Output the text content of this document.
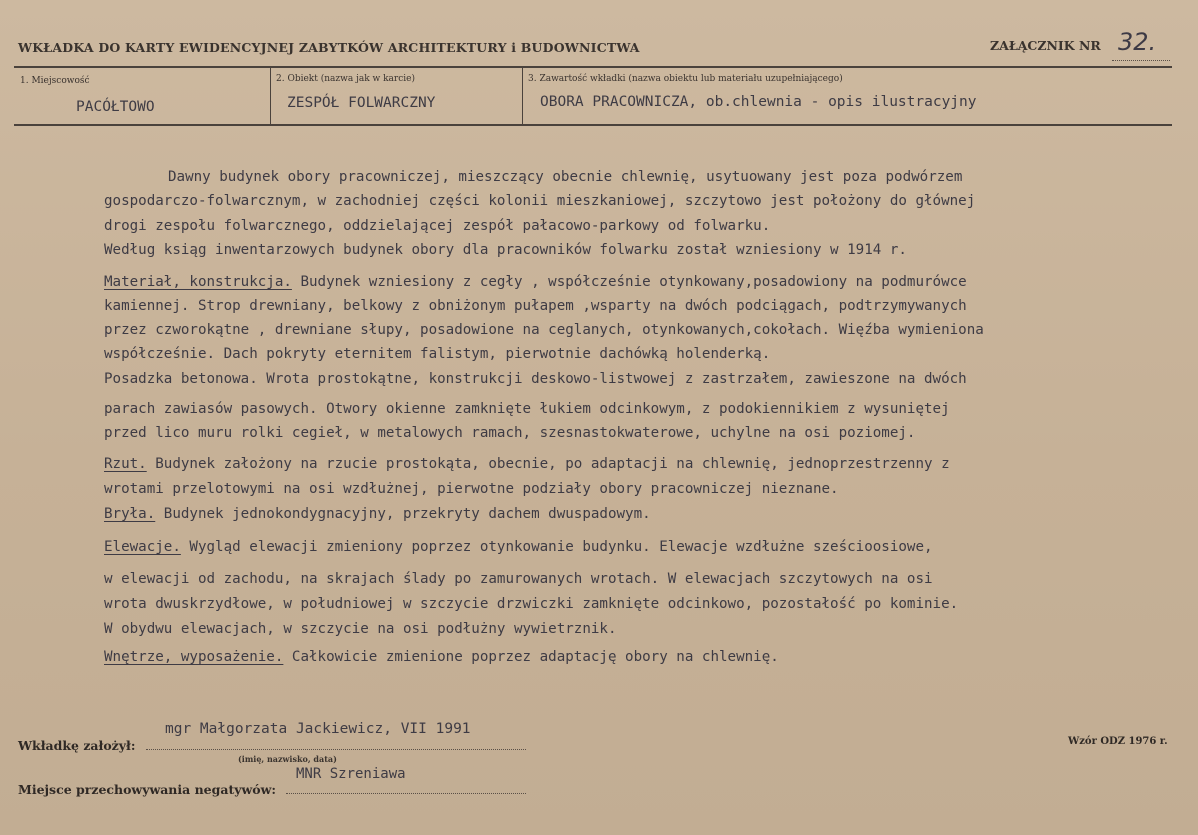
WKŁADKA DO KARTY EWIDENCYJNEJ ZABYTKÓW ARCHITEKTURY i BUDOWNICTWA	ZAŁĄCZNIK NR 32.
1. Miejscowość	2. Obiekt (nazwa jak w karcie)	3. Zawartość wkładki (nazwa obiektu lub materiału uzupełniającego)
PACÓŁTOWO	ZESPÓŁ FOLWARCZNY	OBORA PRACOWNICZA, ob.chlewnia - opis ilustracyjny
Dawny budynek obory pracowniczej, mieszczący obecnie chlewnię, usytuowany jest poza podwórzem
gospodarczo-folwarcznym, w zachodniej części kolonii mieszkaniowej, szczytowo jest położony do głównej
drogi zespołu folwarcznego, oddzielającej zespół pałacowo-parkowy od folwarku.
Według ksiąg inwentarzowych budynek obory dla pracowników folwarku został wzniesiony w 1914 r.
Materiał, konstrukcja. Budynek wzniesiony z cegły , współcześnie otynkowany,posadowiony na podmurówce
kamiennej. Strop drewniany, belkowy z obniżonym pułapem ,wsparty na dwóch podciągach, podtrzymywanych
przez czworokątne , drewniane słupy, posadowione na ceglanych, otynkowanych,cokołach. Więźba wymieniona
współcześnie. Dach pokryty eternitem falistym, pierwotnie dachówką holenderką.
Posadzka betonowa. Wrota prostokątne, konstrukcji deskowo-listwowej z zastrzałem, zawieszone na dwóch
parach zawiasów pasowych. Otwory okienne zamknięte łukiem odcinkowym, z podokiennikiem z wysuniętej
przed lico muru rolki cegieł, w metalowych ramach, szesnastokwaterowe, uchylne na osi poziomej.
Rzut. Budynek założony na rzucie prostokąta, obecnie, po adaptacji na chlewnię, jednoprzestrzenny z
wrotami przelotowymi na osi wzdłużnej, pierwotne podziały obory pracowniczej nieznane.
Bryła. Budynek jednokondygnacyjny, przekryty dachem dwuspadowym.
Elewacje. Wygląd elewacji zmieniony poprzez otynkowanie budynku. Elewacje wzdłużne sześcioosiowe,
w elewacji od zachodu, na skrajach ślady po zamurowanych wrotach. W elewacjach szczytowych na osi
wrota dwuskrzydłowe, w południowej w szczycie drzwiczki zamknięte odcinkowo, pozostałość po kominie.
W obydwu elewacjach, w szczycie na osi podłużny wywietrznik.
Wnętrze, wyposażenie. Całkowicie zmienione poprzez adaptację obory na chlewnię.
mgr Małgorzata Jackiewicz, VII 1991
Wkładkę założył:
(imię, nazwisko, data)
Wzór ODZ 1976 r.
MNR Szreniawa
Miejsce przechowywania negatywów:
